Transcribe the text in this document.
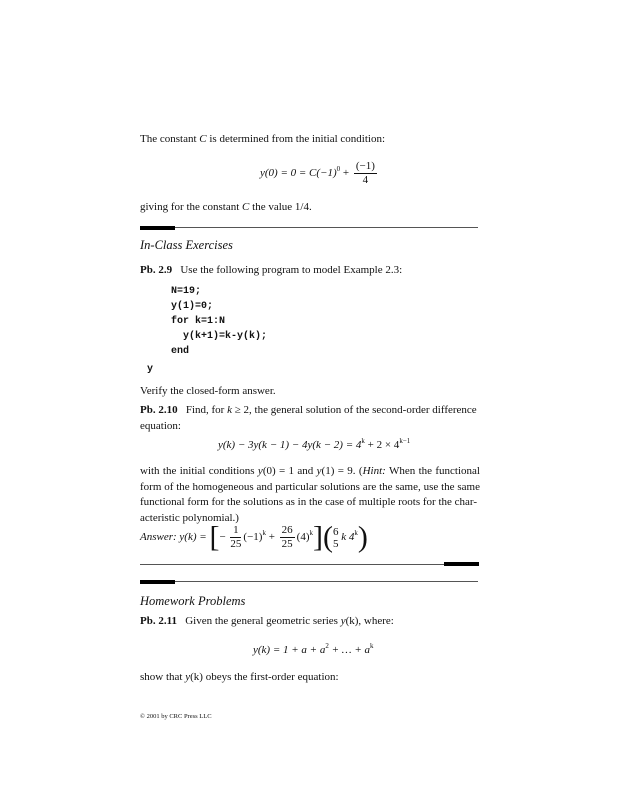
The constant C is determined from the initial condition:
$y(0) = 0 = C(-1)^0 + \frac{(-1)}{4}$
giving for the constant C the value 1/4.
In-Class Exercises
Pb. 2.9 Use the following program to model Example 2.3:
N=19;
y(1)=0;
for k=1:N
y(k+1)=k-y(k);
end
y
Verify the closed-form answer.
Pb. 2.10 Find, for k ≥ 2, the general solution of the second-order difference
equation:
$y(k) - 3y(k - 1) - 4y(k - 2) = 4^k + 2 \times 4^{k-1}$
with the initial conditions y(0) = 1 and y(1) = 9. (Hint: When the functional form of the homogeneous and particular solutions are the same, use the same functional form for the solutions as in the case of multiple roots for the char-
acteristic polynomial.)
Answer: y(k) = [− $\frac{1}{25} (-1)^k + \frac{26}{25} (4)^k$]( 6
5
k 4$^k$)
Homework Problems
Pb. 2.11 Given the general geometric series y(k), where:
$y(k) = 1 + a + a^2$ + … + $a^k$
show that y(k) obeys the first-order equation:
© 2001 by CRC Press LLC
